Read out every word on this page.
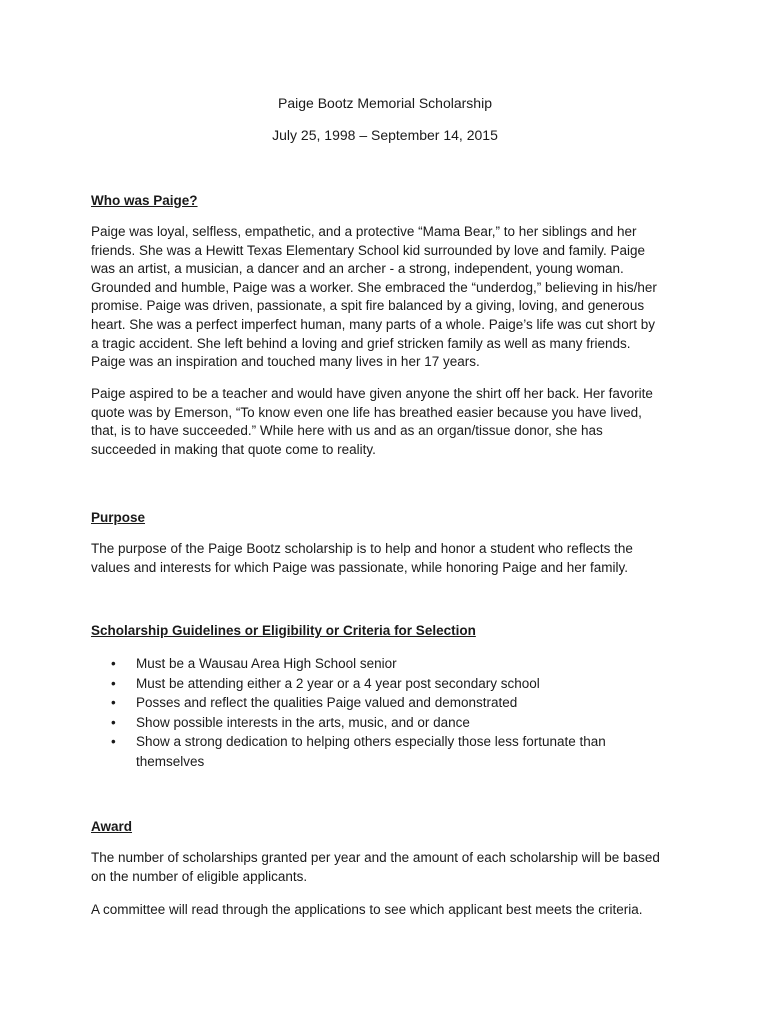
Paige Bootz Memorial Scholarship
July 25, 1998 – September 14, 2015
Who was Paige?

Paige was loyal, selfless, empathetic, and a protective “Mama Bear,” to her siblings and her
friends. She was a Hewitt Texas Elementary School kid surrounded by love and family. Paige
was an artist, a musician, a dancer and an archer - a strong, independent, young woman.
Grounded and humble, Paige was a worker. She embraced the “underdog,” believing in his/her
promise. Paige was driven, passionate, a spit fire balanced by a giving, loving, and generous
heart. She was a perfect imperfect human, many parts of a whole. Paige’s life was cut short by
a tragic accident. She left behind a loving and grief stricken family as well as many friends.
Paige was an inspiration and touched many lives in her 17 years.

Paige aspired to be a teacher and would have given anyone the shirt off her back. Her favorite
quote was by Emerson, “To know even one life has breathed easier because you have lived,
that, is to have succeeded.” While here with us and as an organ/tissue donor, she has
succeeded in making that quote come to reality.

Purpose

The purpose of the Paige Bootz scholarship is to help and honor a student who reflects the
values and interests for which Paige was passionate, while honoring Paige and her family.

Scholarship Guidelines or Eligibility or Criteria for Selection
• Must be a Wausau Area High School senior
• Must be attending either a 2 year or a 4 year post secondary school
• Posses and reflect the qualities Paige valued and demonstrated
• Show possible interests in the arts, music, and or dance
• Show a strong dedication to helping others especially those less fortunate than
themselves
Award

The number of scholarships granted per year and the amount of each scholarship will be based
on the number of eligible applicants.

A committee will read through the applications to see which applicant best meets the criteria.
